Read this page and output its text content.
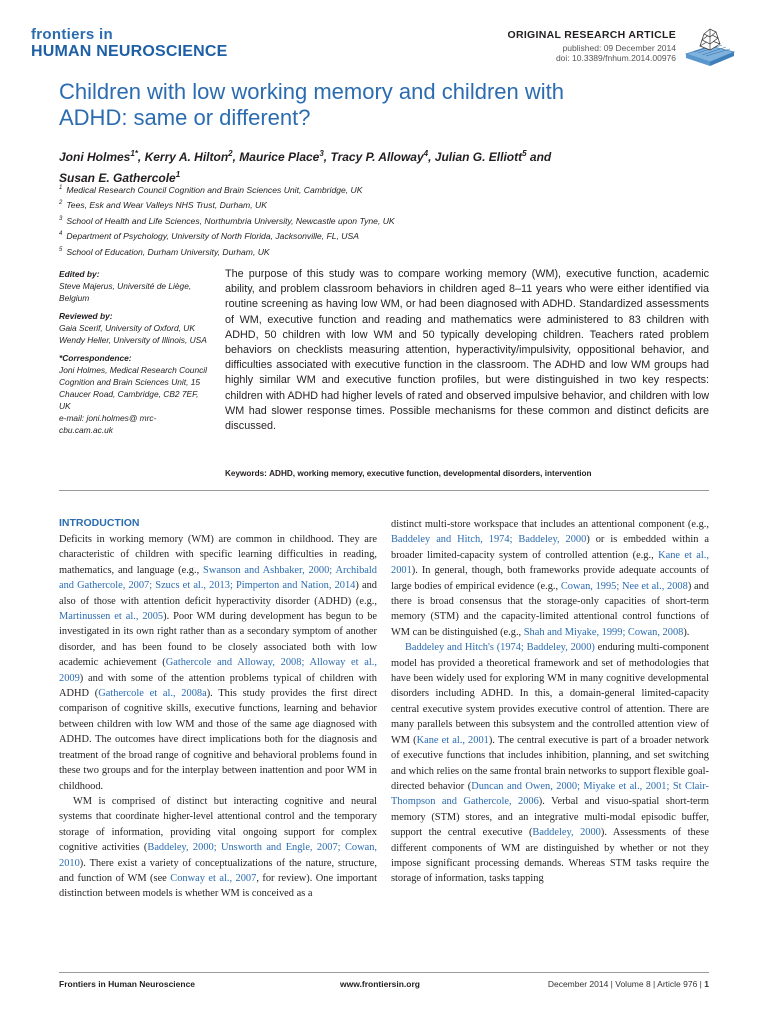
frontiers in
HUMAN NEUROSCIENCE
ORIGINAL RESEARCH ARTICLE
published: 09 December 2014
doi: 10.3389/fnhum.2014.00976
Children with low working memory and children with
ADHD: same or different?
Joni Holmes$^{1*}$, Kerry A. Hilton$^2$, Maurice Place$^3$, Tracy P. Alloway$^4$, Julian G. Elliott$^5$ and
Susan E. Gathercole$^1$
$^1$ Medical Research Council Cognition and Brain Sciences Unit, Cambridge, UK
$^2$ Tees, Esk and Wear Valleys NHS Trust, Durham, UK
$^3$ School of Health and Life Sciences, Northumbria University, Newcastle upon Tyne, UK
$^4$ Department of Psychology, University of North Florida, Jacksonville, FL, USA
$^5$ School of Education, Durham University, Durham, UK
Edited by:
Steve Majerus, Université de Liège, Belgium
Reviewed by:
Gaia Scerif, University of Oxford, UK
Wendy Heller, University of Illinois, USA
*Correspondence:
Joni Holmes, Medical Research Council Cognition and Brain Sciences Unit, 15 Chaucer Road, Cambridge, CB2 7EF, UK
e-mail: joni.holmes@ mrc-cbu.cam.ac.uk
The purpose of this study was to compare working memory (WM), executive function, academic ability, and problem classroom behaviors in children aged 8–11 years who were either identified via routine screening as having low WM, or had been diagnosed with ADHD. Standardized assessments of WM, executive function and reading and mathematics were administered to 83 children with ADHD, 50 children with low WM and 50 typically developing children. Teachers rated problem behaviors on checklists measuring attention, hyperactivity/impulsivity, oppositional behavior, and difficulties associated with executive function in the classroom. The ADHD and low WM groups had highly similar WM and executive function profiles, but were distinguished in two key respects: children with ADHD had higher levels of rated and observed impulsive behavior, and children with low WM had slower response times. Possible mechanisms for these common and distinct deficits are discussed.
Keywords: ADHD, working memory, executive function, developmental disorders, intervention
INTRODUCTION

Deficits in working memory (WM) are common in childhood. They are characteristic of children with specific learning difficulties in reading, mathematics, and language (e.g., Swanson and Ashbaker, 2000; Archibald and Gathercole, 2007; Szucs et al., 2013; Pimperton and Nation, 2014) and also of those with attention deficit hyperactivity disorder (ADHD) (e.g., Martinussen et al., 2005). Poor WM during development has begun to be investigated in its own right rather than as a secondary symptom of another disorder, and has been found to be closely associated both with low academic achievement (Gathercole and Alloway, 2008; Alloway et al., 2009) and with some of the attention problems typical of children with ADHD (Gathercole et al., 2008a). This study provides the first direct comparison of cognitive skills, executive functions, learning and behavior between children with low WM and those of the same age diagnosed with ADHD. The outcomes have direct implications both for the diagnosis and treatment of the broad range of cognitive and behavioral problems found in these two groups and for the interplay between inattention and poor WM in childhood.

WM is comprised of distinct but interacting cognitive and neural systems that coordinate higher-level attentional control and the temporary storage of information, providing vital ongoing support for complex cognitive activities (Baddeley, 2000; Unsworth and Engle, 2007; Cowan, 2010). There exist a variety of conceptualizations of the nature, structure, and function of WM (see Conway et al., 2007, for review). One important distinction between models is whether WM is conceived as a

distinct multi-store workspace that includes an attentional component (e.g., Baddeley and Hitch, 1974; Baddeley, 2000) or is embedded within a broader limited-capacity system of controlled attention (e.g., Kane et al., 2001). In general, though, both frameworks provide adequate accounts of large bodies of empirical evidence (e.g., Cowan, 1995; Nee et al., 2008) and there is broad consensus that the storage-only capacities of short-term memory (STM) and the capacity-limited attentional control functions of WM can be distinguished (e.g., Shah and Miyake, 1999; Cowan, 2008).

Baddeley and Hitch's (1974; Baddeley, 2000) enduring multi-component model has provided a theoretical framework and set of methodologies that have been widely used for exploring WM in many cognitive developmental disorders including ADHD. In this, a domain-general limited-capacity central executive system provides executive control of attention. There are many parallels between this subsystem and the controlled attention view of WM (Kane et al., 2001). The central executive is part of a broader network of executive functions that includes inhibition, planning, and set switching and which relies on the same frontal brain networks to support flexible goal-directed behavior (Duncan and Owen, 2000; Miyake et al., 2001; St Clair-Thompson and Gathercole, 2006). Verbal and visuo-spatial short-term memory (STM) stores, and an integrative multi-modal episodic buffer, support the central executive (Baddeley, 2000). Assessments of these different components of WM are distinguished by whether or not they impose significant processing demands. Whereas STM tasks require the storage of information, tasks tapping

Frontiers in Human Neuroscience	www.frontiersin.org	December 2014 | Volume 8 | Article 976 | 1
